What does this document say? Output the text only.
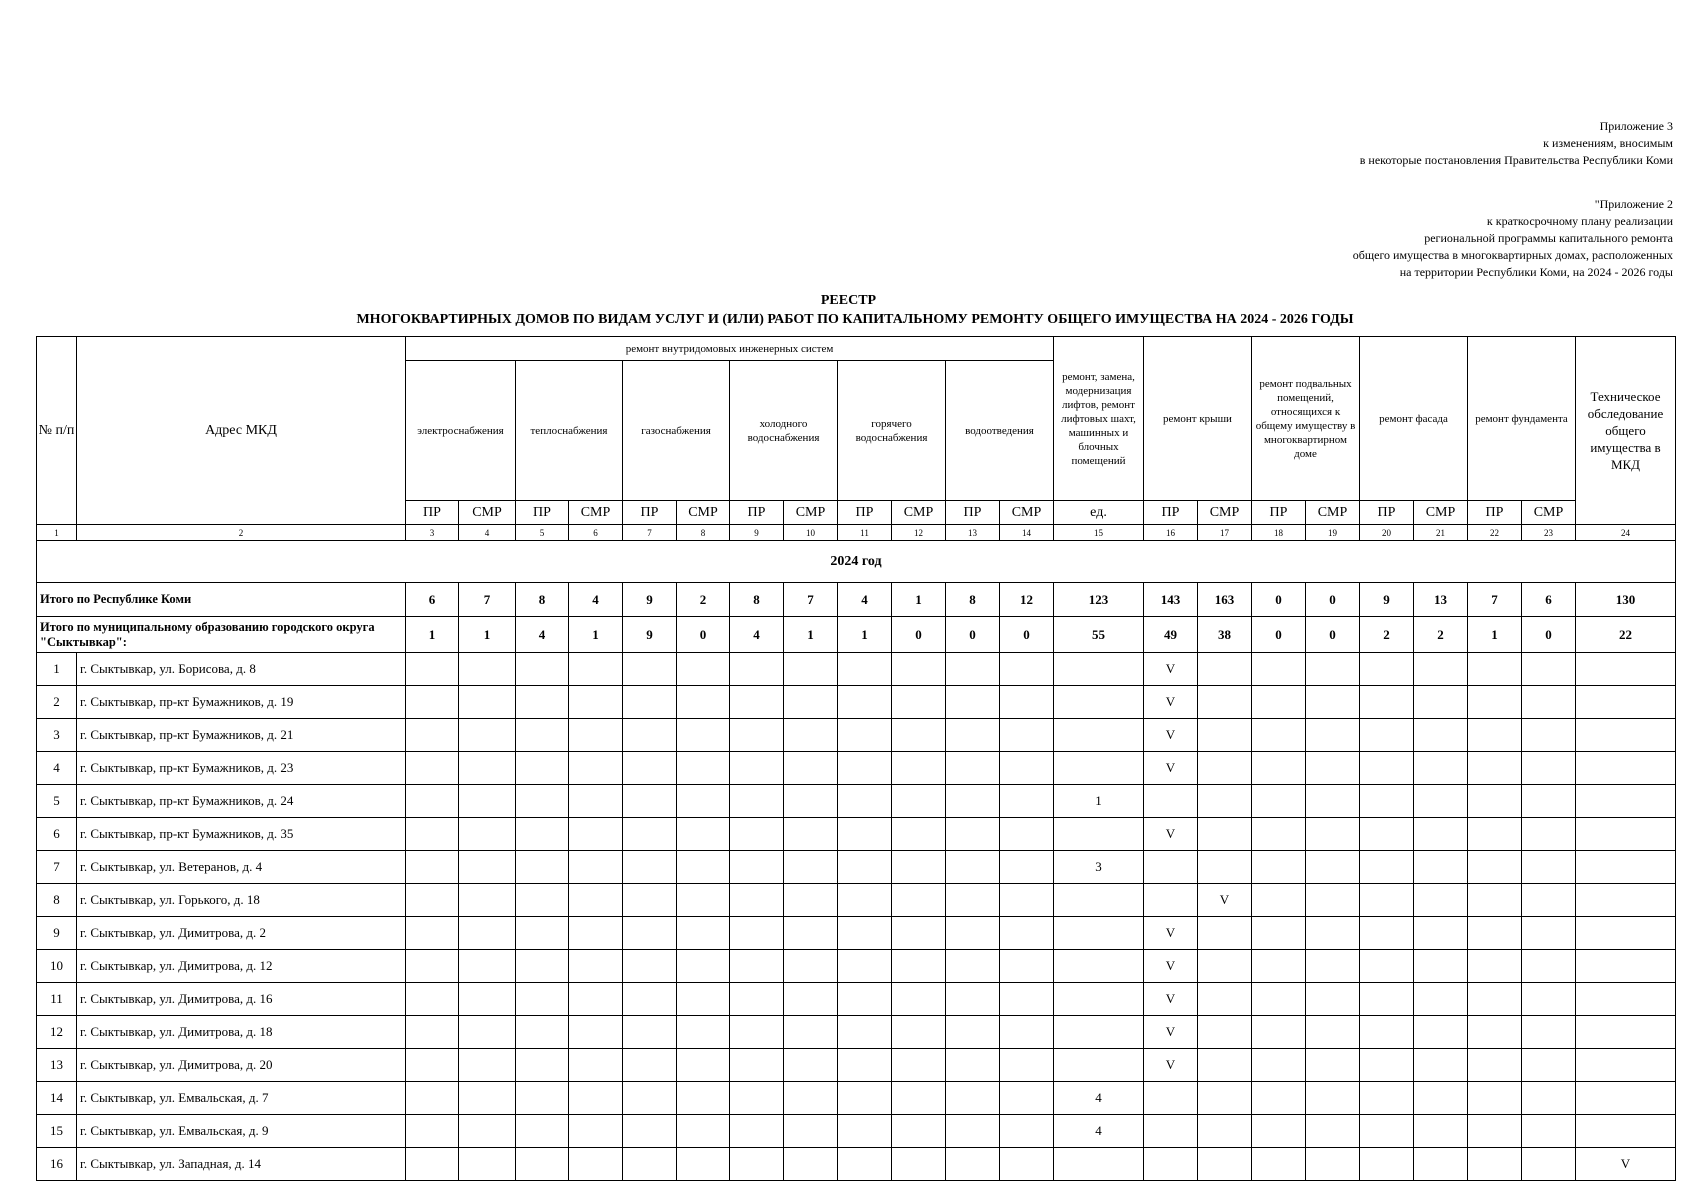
Приложение 3
к изменениям, вносимым
в некоторые постановления Правительства Республики Коми
"Приложение 2
к краткосрочному плану реализации
региональной программы капитального ремонта
общего имущества в многоквартирных домах, расположенных
на территории Республики Коми, на 2024 - 2026 годы
РЕЕСТР
МНОГОКВАРТИРНЫХ ДОМОВ ПО ВИДАМ УСЛУГ И (ИЛИ) РАБОТ ПО КАПИТАЛЬНОМУ РЕМОНТУ ОБЩЕГО ИМУЩЕСТВА НА 2024 - 2026 ГОДЫ
№ п/п	Адрес МКД	ремонт внутридомовых инженерных систем												ремонт, замена, модернизация лифтов, ремонт лифтовых шахт, машинных и блочных помещений	ремонт крыши		ремонт подвальных помещений, относящихся к общему имуществу в многоквартирном доме		ремонт фасада		ремонт фундамента		Техническое обследование общего имущества в МКД
		электроснабжения		теплоснабжения		газоснабжения		холодного водоснабжения		горячего водоснабжения		водоотведения											
		ПР	СМР	ПР	СМР	ПР	СМР	ПР	СМР	ПР	СМР	ПР	СМР	ед.	ПР	СМР	ПР	СМР	ПР	СМР	ПР	СМР	
1	2	3	4	5	6	7	8	9	10	11	12	13	14	15	16	17	18	19	20	21	22	23	24
2024 год																							
Итого по Республике Коми		6	7	8	4	9	2	8	7	4	1	8	12	123	143	163	0	0	9	13	7	6	130
Итого по муниципальному образованию городского округа "Сыктывкар":		1	1	4	1	9	0	4	1	1	0	0	0	55	49	38	0	0	2	2	1	0	22
1	г. Сыктывкар, ул. Борисова, д. 8														V								
2	г. Сыктывкар, пр-кт Бумажников, д. 19														V								
3	г. Сыктывкар, пр-кт Бумажников, д. 21														V								
4	г. Сыктывкар, пр-кт Бумажников, д. 23														V								
5	г. Сыктывкар, пр-кт Бумажников, д. 24													1									
6	г. Сыктывкар, пр-кт Бумажников, д. 35														V								
7	г. Сыктывкар, ул. Ветеранов, д. 4													3									
8	г. Сыктывкар, ул. Горького, д. 18															V							
9	г. Сыктывкар, ул. Димитрова, д. 2														V								
10	г. Сыктывкар, ул. Димитрова, д. 12														V								
11	г. Сыктывкар, ул. Димитрова, д. 16														V								
12	г. Сыктывкар, ул. Димитрова, д. 18														V								
13	г. Сыктывкар, ул. Димитрова, д. 20														V								
14	г. Сыктывкар, ул. Емвальская, д. 7													4									
15	г. Сыктывкар, ул. Емвальская, д. 9													4									
16	г. Сыктывкар, ул. Западная, д. 14																						V
